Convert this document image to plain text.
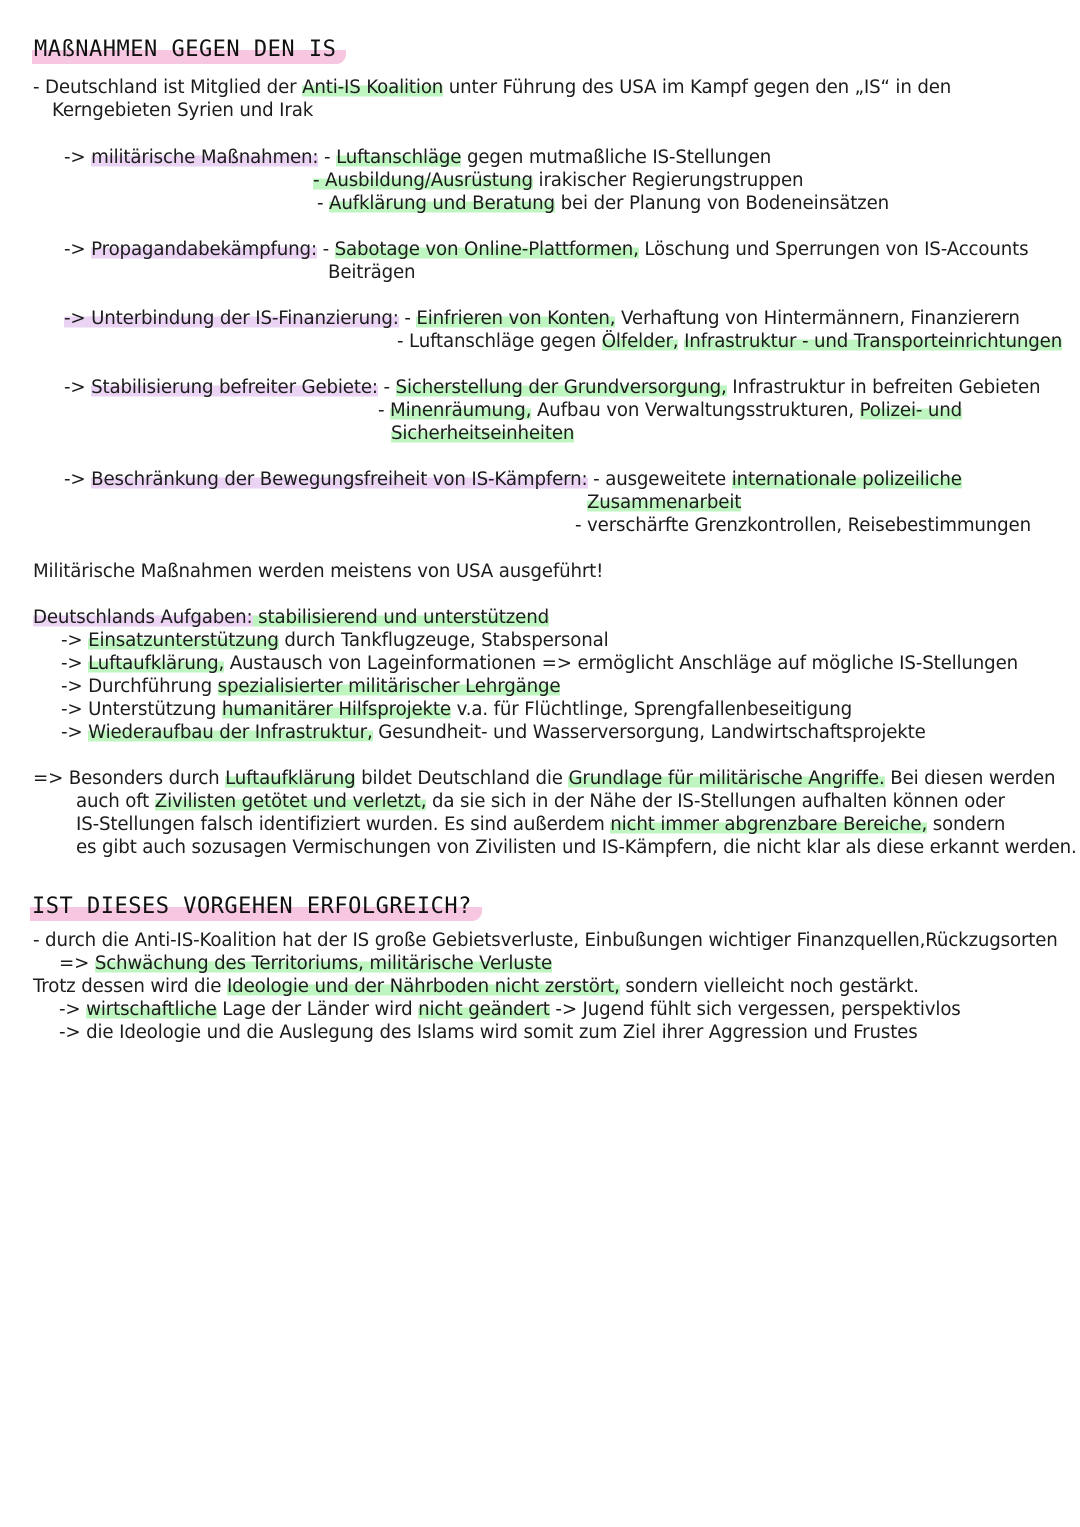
MAßNAHMEN GEGEN DEN IS
- Deutschland ist Mitglied der Anti-IS Koalition unter Führung des USA im Kampf gegen den „IS“ in den
Kerngebieten Syrien und Irak
-> militärische Maßnahmen: - Luftanschläge gegen mutmaßliche IS-Stellungen
- Ausbildung/Ausrüstung irakischer Regierungstruppen
- Aufklärung und Beratung bei der Planung von Bodeneinsätzen
-> Propagandabekämpfung: - Sabotage von Online-Plattformen, Löschung und Sperrungen von IS-Accounts
Beiträgen
-> Unterbindung der IS-Finanzierung: - Einfrieren von Konten, Verhaftung von Hintermännern, Finanzierern
- Luftanschläge gegen Ölfelder, Infrastruktur - und Transporteinrichtungen
-> Stabilisierung befreiter Gebiete: - Sicherstellung der Grundversorgung, Infrastruktur in befreiten Gebieten
- Minenräumung, Aufbau von Verwaltungsstrukturen, Polizei- und
Sicherheitseinheiten
-> Beschränkung der Bewegungsfreiheit von IS-Kämpfern: - ausgeweitete internationale polizeiliche
Zusammenarbeit
- verschärfte Grenzkontrollen, Reisebestimmungen
Militärische Maßnahmen werden meistens von USA ausgeführt!
Deutschlands Aufgaben: stabilisierend und unterstützend
-> Einsatzunterstützung durch Tankflugzeuge, Stabspersonal
-> Luftaufklärung, Austausch von Lageinformationen => ermöglicht Anschläge auf mögliche IS-Stellungen
-> Durchführung spezialisierter militärischer Lehrgänge
-> Unterstützung humanitärer Hilfsprojekte v.a. für Flüchtlinge, Sprengfallenbeseitigung
-> Wiederaufbau der Infrastruktur, Gesundheit- und Wasserversorgung, Landwirtschaftsprojekte
=> Besonders durch Luftaufklärung bildet Deutschland die Grundlage für militärische Angriffe. Bei diesen werden
auch oft Zivilisten getötet und verletzt, da sie sich in der Nähe der IS-Stellungen aufhalten können oder
IS-Stellungen falsch identifiziert wurden. Es sind außerdem nicht immer abgrenzbare Bereiche, sondern
es gibt auch sozusagen Vermischungen von Zivilisten und IS-Kämpfern, die nicht klar als diese erkannt werden.
IST DIESES VORGEHEN ERFOLGREICH?
- durch die Anti-IS-Koalition hat der IS große Gebietsverluste, Einbußungen wichtiger Finanzquellen,Rückzugsorten
=> Schwächung des Territoriums, militärische Verluste
Trotz dessen wird die Ideologie und der Nährboden nicht zerstört, sondern vielleicht noch gestärkt.
-> wirtschaftliche Lage der Länder wird nicht geändert -> Jugend fühlt sich vergessen, perspektivlos
-> die Ideologie und die Auslegung des Islams wird somit zum Ziel ihrer Aggression und Frustes
